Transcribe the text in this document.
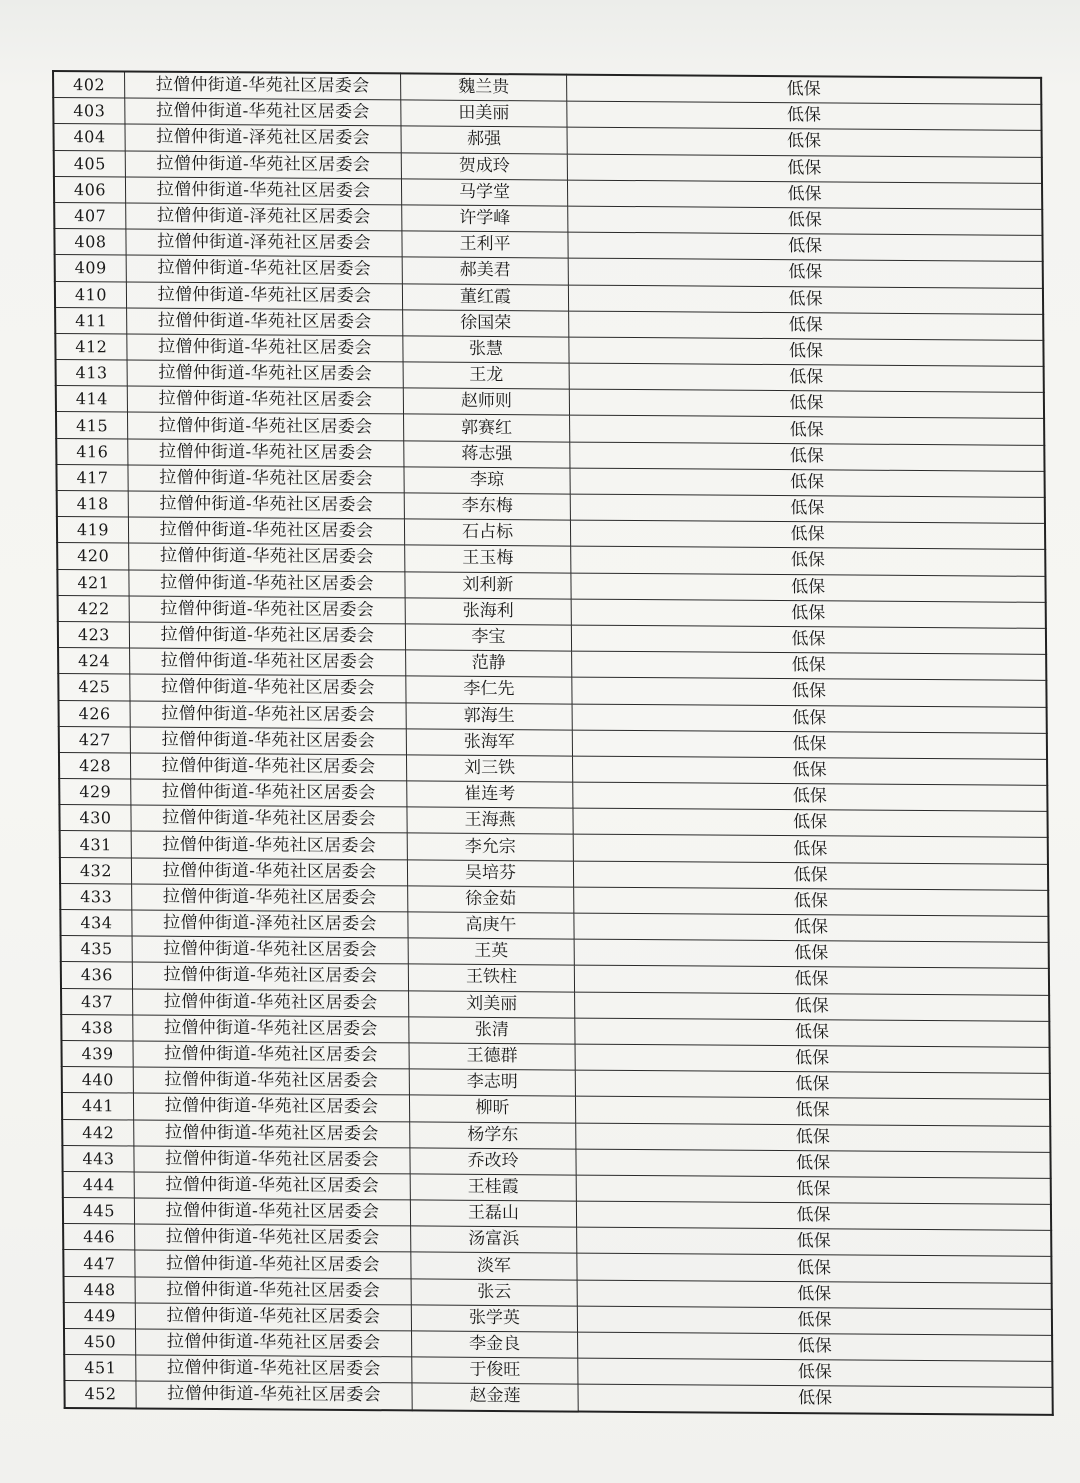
402	拉僧仲街道-华苑社区居委会	魏兰贵	低保
403	拉僧仲街道-华苑社区居委会	田美丽	低保
404	拉僧仲街道-泽苑社区居委会	郝强	低保
405	拉僧仲街道-华苑社区居委会	贺成玲	低保
406	拉僧仲街道-华苑社区居委会	马学堂	低保
407	拉僧仲街道-泽苑社区居委会	许学峰	低保
408	拉僧仲街道-泽苑社区居委会	王利平	低保
409	拉僧仲街道-华苑社区居委会	郝美君	低保
410	拉僧仲街道-华苑社区居委会	董红霞	低保
411	拉僧仲街道-华苑社区居委会	徐国荣	低保
412	拉僧仲街道-华苑社区居委会	张慧	低保
413	拉僧仲街道-华苑社区居委会	王龙	低保
414	拉僧仲街道-华苑社区居委会	赵师则	低保
415	拉僧仲街道-华苑社区居委会	郭赛红	低保
416	拉僧仲街道-华苑社区居委会	蒋志强	低保
417	拉僧仲街道-华苑社区居委会	李琼	低保
418	拉僧仲街道-华苑社区居委会	李东梅	低保
419	拉僧仲街道-华苑社区居委会	石占标	低保
420	拉僧仲街道-华苑社区居委会	王玉梅	低保
421	拉僧仲街道-华苑社区居委会	刘利新	低保
422	拉僧仲街道-华苑社区居委会	张海利	低保
423	拉僧仲街道-华苑社区居委会	李宝	低保
424	拉僧仲街道-华苑社区居委会	范静	低保
425	拉僧仲街道-华苑社区居委会	李仁先	低保
426	拉僧仲街道-华苑社区居委会	郭海生	低保
427	拉僧仲街道-华苑社区居委会	张海军	低保
428	拉僧仲街道-华苑社区居委会	刘三铁	低保
429	拉僧仲街道-华苑社区居委会	崔连考	低保
430	拉僧仲街道-华苑社区居委会	王海燕	低保
431	拉僧仲街道-华苑社区居委会	李允宗	低保
432	拉僧仲街道-华苑社区居委会	吴培芬	低保
433	拉僧仲街道-华苑社区居委会	徐金茹	低保
434	拉僧仲街道-泽苑社区居委会	高庚午	低保
435	拉僧仲街道-华苑社区居委会	王英	低保
436	拉僧仲街道-华苑社区居委会	王铁柱	低保
437	拉僧仲街道-华苑社区居委会	刘美丽	低保
438	拉僧仲街道-华苑社区居委会	张清	低保
439	拉僧仲街道-华苑社区居委会	王德群	低保
440	拉僧仲街道-华苑社区居委会	李志明	低保
441	拉僧仲街道-华苑社区居委会	柳昕	低保
442	拉僧仲街道-华苑社区居委会	杨学东	低保
443	拉僧仲街道-华苑社区居委会	乔改玲	低保
444	拉僧仲街道-华苑社区居委会	王桂霞	低保
445	拉僧仲街道-华苑社区居委会	王磊山	低保
446	拉僧仲街道-华苑社区居委会	汤富浜	低保
447	拉僧仲街道-华苑社区居委会	淡军	低保
448	拉僧仲街道-华苑社区居委会	张云	低保
449	拉僧仲街道-华苑社区居委会	张学英	低保
450	拉僧仲街道-华苑社区居委会	李金良	低保
451	拉僧仲街道-华苑社区居委会	于俊旺	低保
452	拉僧仲街道-华苑社区居委会	赵金莲	低保
